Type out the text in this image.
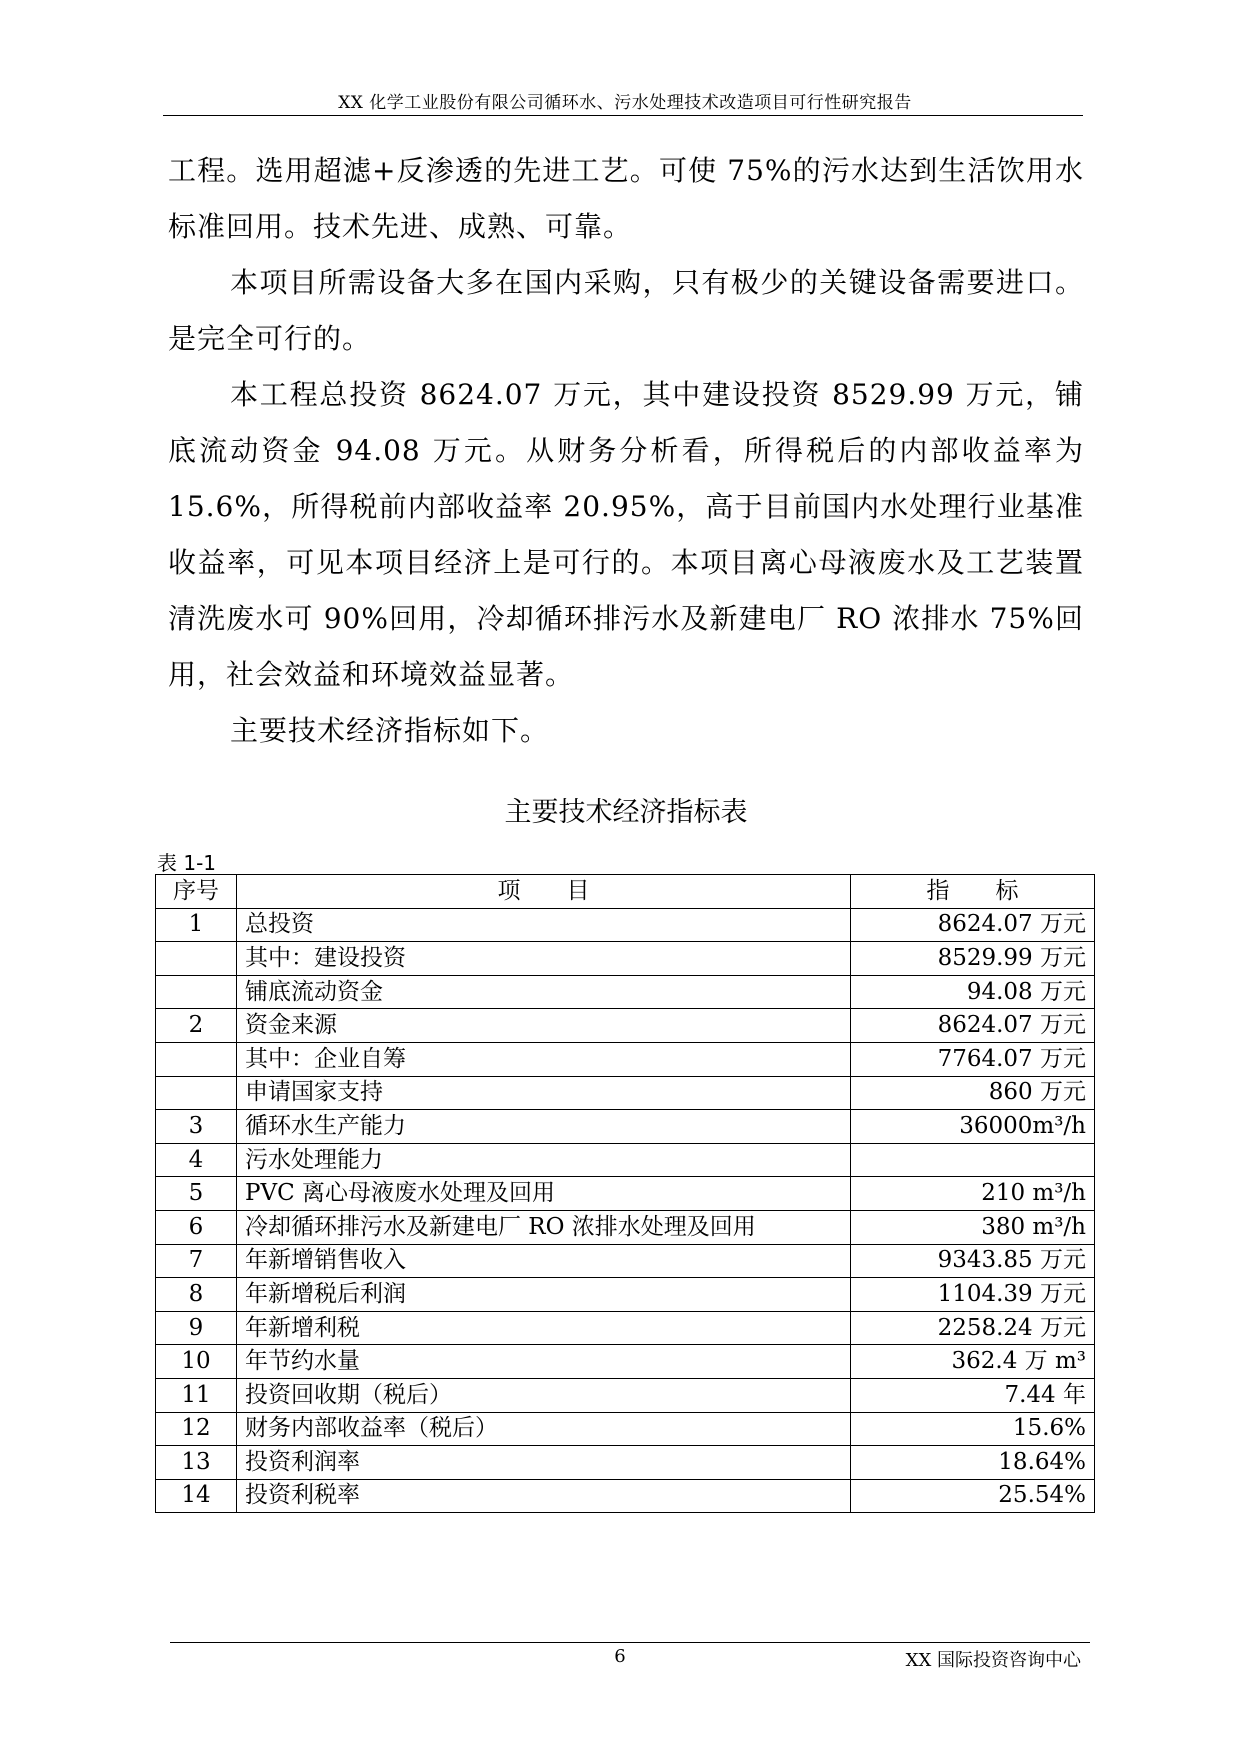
XX 化学工业股份有限公司循环水、污水处理技术改造项目可行性研究报告

工程。选用超滤+反渗透的先进工艺。可使 75%的污水达到生活饮用水标准回用。技术先进、成熟、可靠。

本项目所需设备大多在国内采购，只有极少的关键设备需要进口。是完全可行的。

本工程总投资 8624.07 万元，其中建设投资 8529.99 万元，铺底流动资金 94.08 万元。从财务分析看，所得税后的内部收益率为 15.6%，所得税前内部收益率 20.95%，高于目前国内水处理行业基准收益率，可见本项目经济上是可行的。本项目离心母液废水及工艺装置清洗废水可 90%回用，冷却循环排污水及新建电厂 RO 浓排水 75%回用，社会效益和环境效益显著。

主要技术经济指标如下。

主要技术经济指标表
表 1-1
序号	项　　目	指　　标
1	总投资	8624.07 万元
	其中：建设投资	8529.99 万元
	铺底流动资金	94.08 万元
2	资金来源	8624.07 万元
	其中：企业自筹	7764.07 万元
	申请国家支持	860 万元
3	循环水生产能力	36000m³/h
4	污水处理能力	
5	PVC 离心母液废水处理及回用	210 m³/h
6	冷却循环排污水及新建电厂 RO 浓排水处理及回用	380 m³/h
7	年新增销售收入	9343.85 万元
8	年新增税后利润	1104.39 万元
9	年新增利税	2258.24 万元
10	年节约水量	362.4 万 m³
11	投资回收期（税后）	7.44 年
12	财务内部收益率（税后）	15.6%
13	投资利润率	18.64%
14	投资利税率	25.54%
6	XX 国际投资咨询中心
